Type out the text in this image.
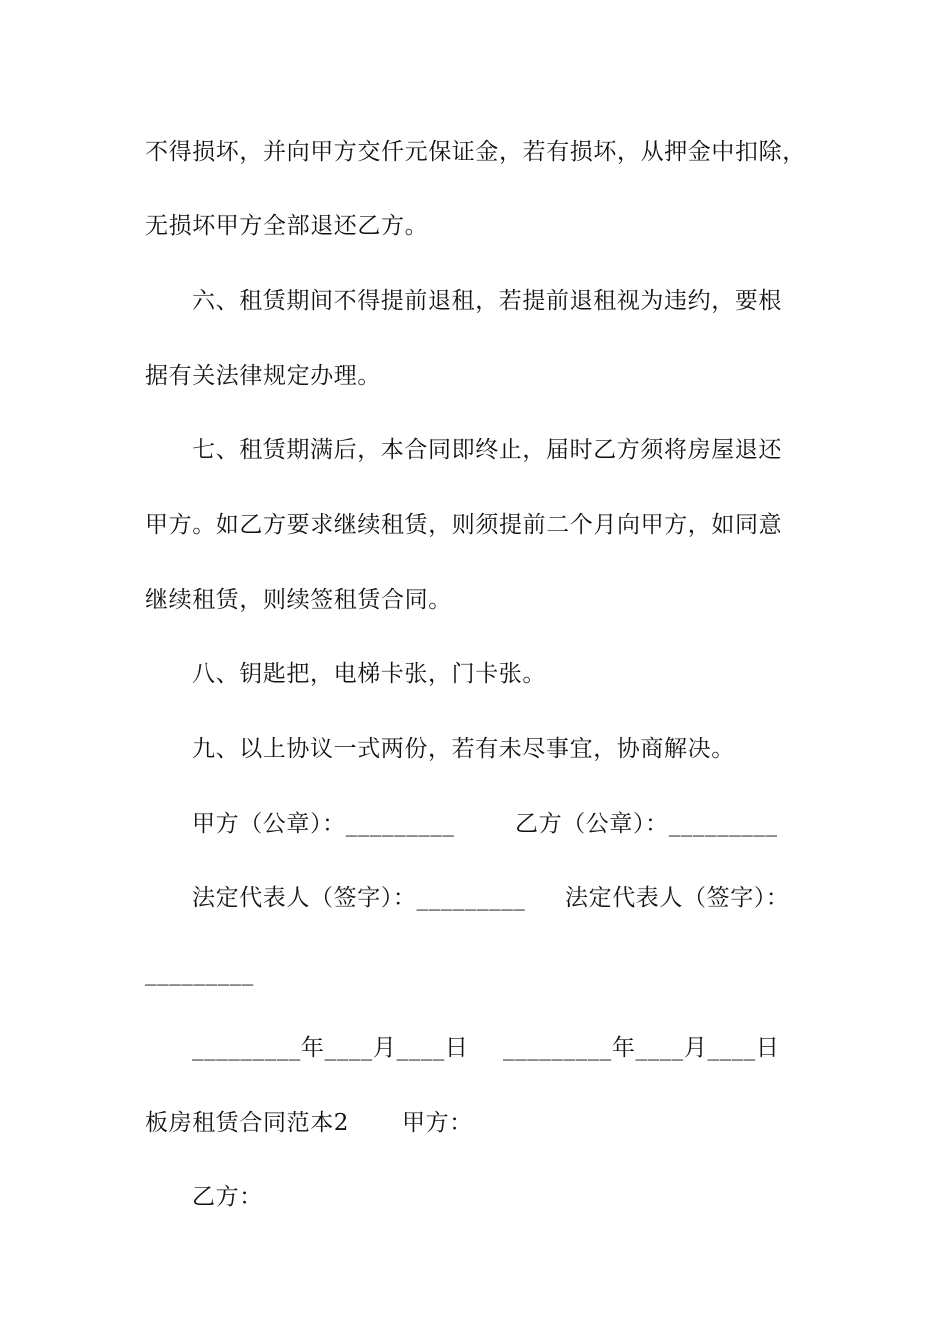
不得损坏，并向甲方交仟元保证金，若有损坏，从押金中扣除，
无损坏甲方全部退还乙方。
六、租赁期间不得提前退租，若提前退租视为违约，要根
据有关法律规定办理。
七、租赁期满后，本合同即终止，届时乙方须将房屋退还
甲方。如乙方要求继续租赁，则须提前二个月向甲方，如同意
继续租赁，则续签租赁合同。
八、钥匙把，电梯卡张，门卡张。
九、以上协议一式两份，若有未尽事宜，协商解决。
甲方（公章）：_________	乙方（公章）：_________
法定代表人（签字）：_________ 法定代表人（签字）：
_________
_________年____月____日 _________年____月____日
板房租赁合同范本2 甲方：
乙方：
